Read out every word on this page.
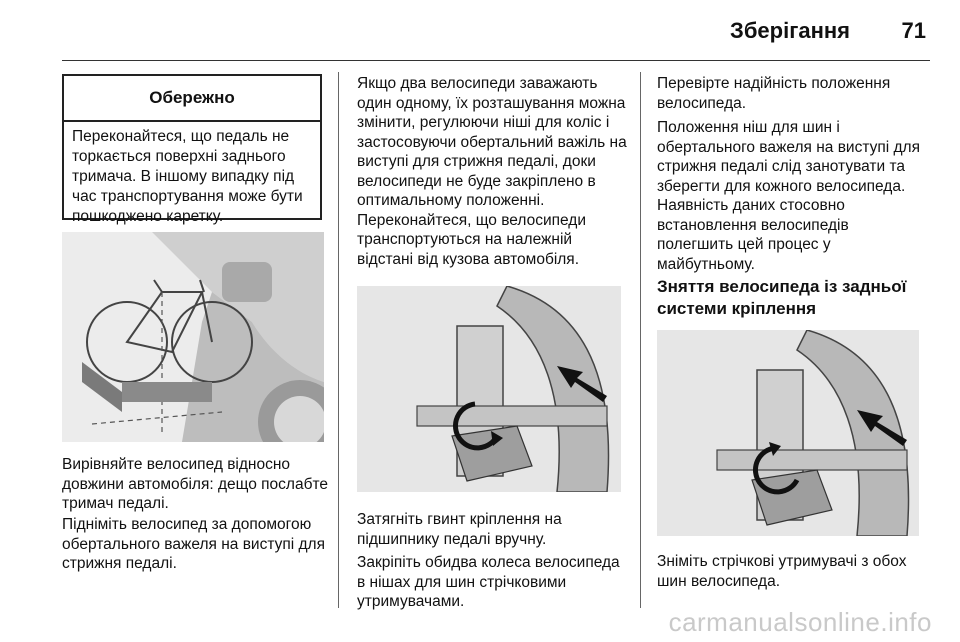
Зберігання	71
Обережно
Переконайтеся, що педаль не торкається поверхні заднього тримача. В іншому випадку під час транспортування може бути пошкоджено каретку.
Вирівняйте велосипед відносно довжини автомобіля: дещо послабте тримач педалі.
Підніміть велосипед за допомогою обертального важеля на виступі для стрижня педалі.
Якщо два велосипеди заважають один одному, їх розташування можна змінити, регулюючи ніші для коліс і застосовуючи обертальний важіль на виступі для стрижня педалі, доки велосипеди не буде закріплено в оптимальному положенні. Переконайтеся, що велосипеди транспортуються на належній відстані від кузова автомобіля.
Затягніть гвинт кріплення на підшипнику педалі вручну.
Закріпіть обидва колеса велосипеда в нішах для шин стрічковими утримувачами.
Перевірте надійність положення велосипеда.
Положення ніш для шин і обертального важеля на виступі для стрижня педалі слід занотувати та зберегти для кожного велосипеда. Наявність даних стосовно встановлення велосипедів полегшить цей процес у майбутньому.
Зняття велосипеда із задньої системи кріплення
Зніміть стрічкові утримувачі з обох шин велосипеда.
carmanualsonline.info
